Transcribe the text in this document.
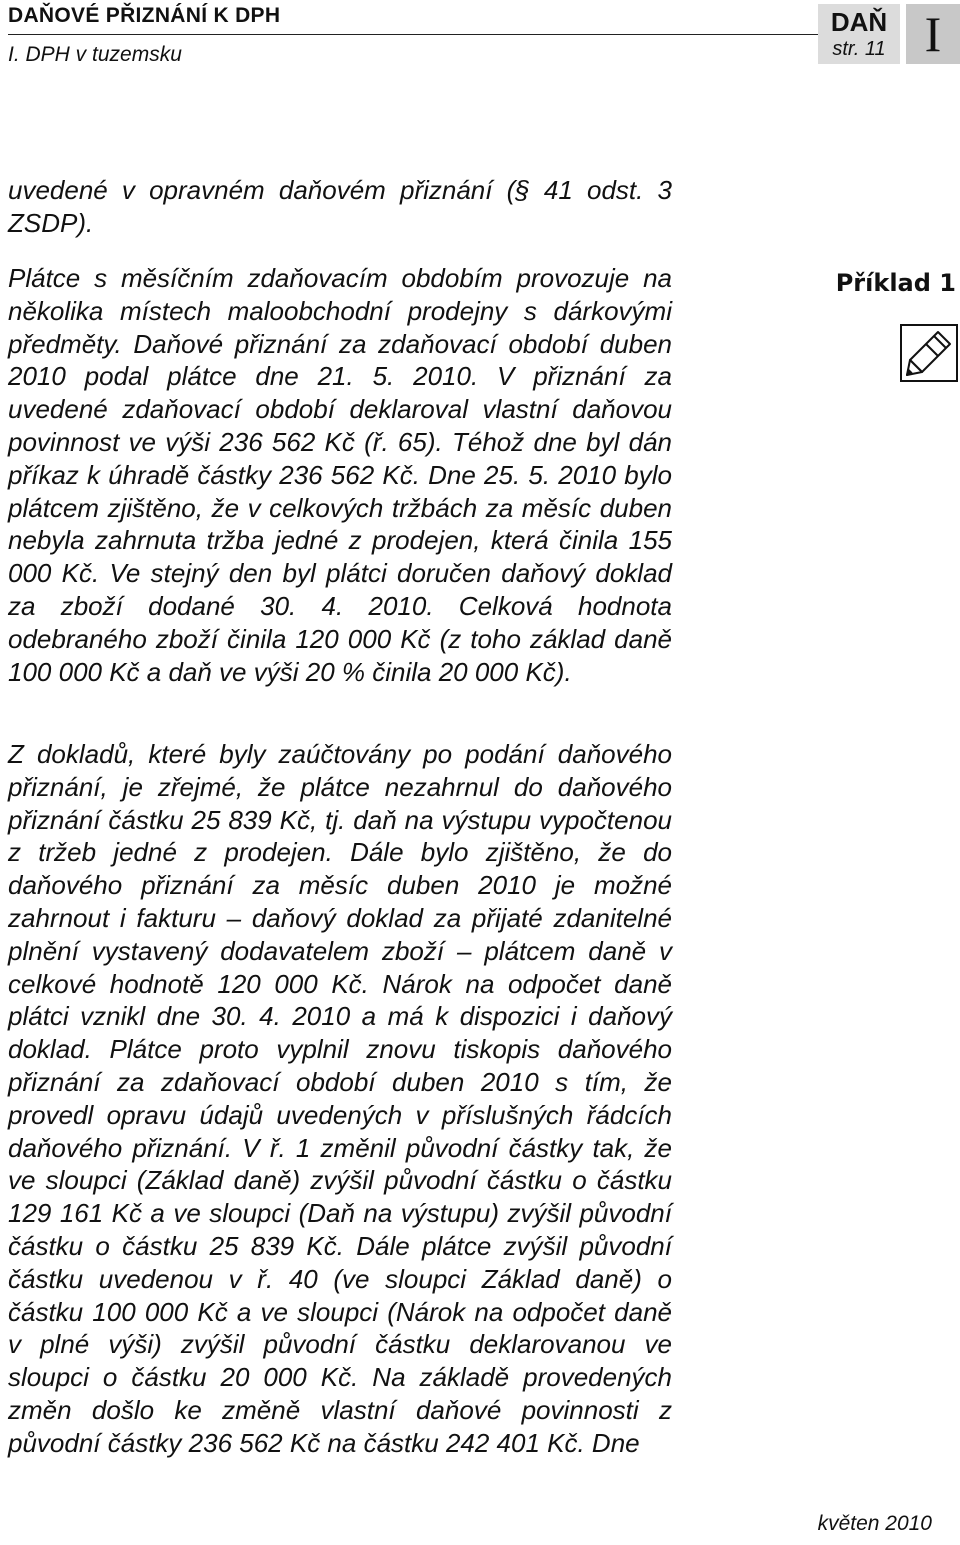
DAŇOVÉ PŘIZNÁNÍ K DPH
I. DPH v tuzemsku
DAŇ
str. 11 I

uvedené v opravném daňovém přiznání (§ 41 odst. 3 ZSDP).

Plátce s měsíčním zdaňovacím obdobím provozuje na několika místech maloobchodní prodejny s dárkovými předměty. Daňové přiznání za zdaňovací období duben 2010 podal plátce dne 21. 5. 2010. V přiznání za uvedené zdaňovací období deklaroval vlastní daňovou povinnost ve výši 236 562 Kč (ř. 65). Téhož dne byl dán příkaz k úhradě částky 236 562 Kč. Dne 25. 5. 2010 bylo plátcem zjištěno, že v celkových tržbách za měsíc duben nebyla zahrnuta tržba jedné z prodejen, která činila 155 000 Kč. Ve stejný den byl plátci doručen daňový doklad za zboží dodané 30. 4. 2010. Celková hodnota odebraného zboží činila 120 000 Kč (z toho základ daně 100 000 Kč a daň ve výši 20 % činila 20 000 Kč).

Z dokladů, které byly zaúčtovány po podání daňového přiznání, je zřejmé, že plátce nezahrnul do daňového přiznání částku 25 839 Kč, tj. daň na výstupu vypočtenou z tržeb jedné z prodejen. Dále bylo zjištěno, že do daňového přiznání za měsíc duben 2010 je možné zahrnout i fakturu – daňový doklad za přijaté zdanitelné plnění vystavený dodavatelem zboží – plátcem daně v celkové hodnotě 120 000 Kč. Nárok na odpočet daně plátci vznikl dne 30. 4. 2010 a má k dispozici i daňový doklad. Plátce proto vyplnil znovu tiskopis daňového přiznání za zdaňovací období duben 2010 s tím, že provedl opravu údajů uvedených v příslušných řádcích daňového přiznání. V ř. 1 změnil původní částky tak, že ve sloupci (Základ daně) zvýšil původní částku o částku 129 161 Kč a ve sloupci (Daň na výstupu) zvýšil původní částku o částku 25 839 Kč. Dále plátce zvýšil původní částku uvedenou v ř. 40 (ve sloupci Základ daně) o částku 100 000 Kč a ve sloupci (Nárok na odpočet daně v plné výši) zvýšil původní částku deklarovanou ve sloupci o částku 20 000 Kč. Na základě provedených změn došlo ke změně vlastní daňové povinnosti z původní částky 236 562 Kč na částku 242 401 Kč. Dne

Příklad 1
květen 2010
